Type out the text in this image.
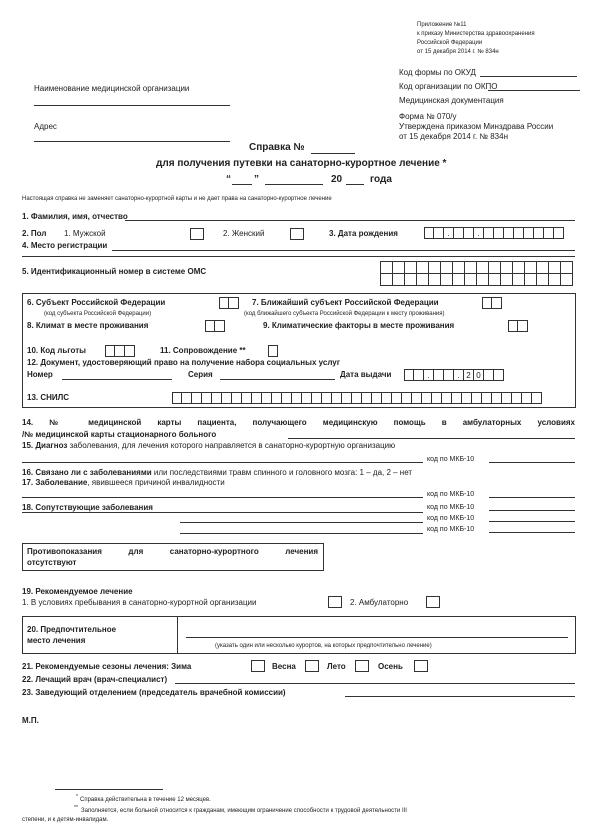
Приложение №11
к приказу Министерства здравоохранения
Российской Федерации
от 15 декабря 2014 г. № 834н
Код формы по ОКУД
Код организации по ОКПО
Медицинская документация
Форма № 070/у
Утверждена приказом Минздрава России
от 15 декабря 2014 г. № 834н
Наименование медицинской организации
Адрес
Справка №
для получения путевки на санаторно-курортное лечение *
“ ”	20	года
Настоящая справка не заменяет санаторно-курортной карты и не дает права на санаторно-курортное лечение
1. Фамилия, имя, отчество
2. Пол 1. Мужской	2. Женский	3. Дата рождения	.	.
4. Место регистрации
5. Идентификационный номер в системе ОМС
6. Субъект Российской Федерации
(код субъекта Российской Федерации)
7. Ближайший субъект Российской Федерации
(код ближайшего субъекта Российской Федерации к месту проживания)
8. Климат в месте проживания	9. Климатические факторы в месте проживания
10. Код льготы	11. Сопровождение **
12. Документ, удостоверяющий право на получение набора социальных услуг
Номер	Серия	Дата выдачи	.	. 2 0
13. СНИЛС
14. № медицинской карты пациента, получающего медицинскую помощь в амбулаторных условиях
/№ медицинской карты стационарного больного
15. Диагноз заболевания, для лечения которого направляется в санаторно-курортную организацию
код по МКБ-10
16. Связано ли с заболеваниями или последствиями травм спинного и головного мозга: 1 – да, 2 – нет
17. Заболевание, явившееся причиной инвалидности
код по МКБ-10
18. Сопутствующие заболевания	код по МКБ-10
код по МКБ-10
код по МКБ-10
Противопоказания для санаторно-курортного лечения
отсутствуют
19. Рекомендуемое лечение
1. В условиях пребывания в санаторно-курортной организации	2. Амбулаторно
20. Предпочтительное
место лечения
(указать один или несколько курортов, на которых предпочтительно лечение)
21. Рекомендуемые сезоны лечения: Зима	Весна	Лето	Осень
22. Лечащий врач (врач-специалист)
23. Заведующий отделением (председатель врачебной комиссии)
М.П.
* Справка действительна в течение 12 месяцев.
** Заполняется, если больной относится к гражданам, имеющим ограничение способности к трудовой деятельности III
степени, и к детям-инвалидам.
